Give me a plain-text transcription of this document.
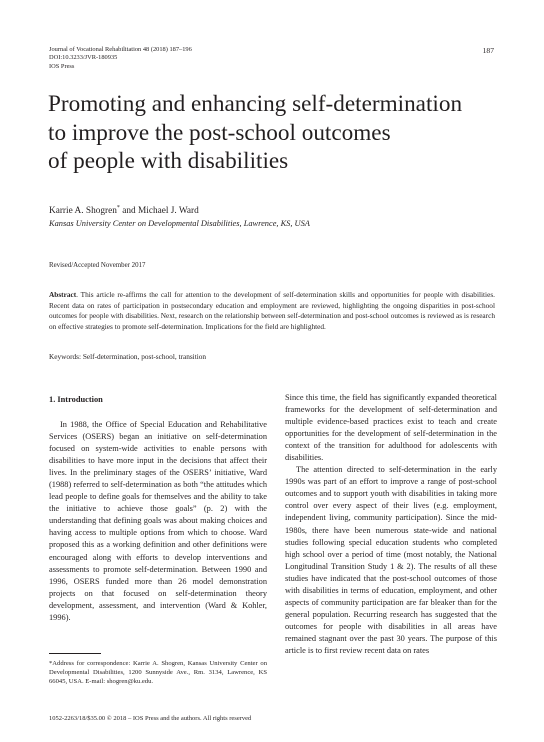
Journal of Vocational Rehabilitation 48 (2018) 187–196
DOI:10.3233/JVR-180935
IOS Press
187
Promoting and enhancing self-determination
to improve the post-school outcomes
of people with disabilities
Karrie A. Shogren* and Michael J. Ward
Kansas University Center on Developmental Disabilities, Lawrence, KS, USA
Revised/Accepted November 2017
Abstract. This article re-affirms the call for attention to the development of self-determination skills and opportunities for people with disabilities. Recent data on rates of participation in postsecondary education and employment are reviewed, highlighting the ongoing disparities in post-school outcomes for people with disabilities. Next, research on the relationship between self-determination and post-school outcomes is reviewed as is research on effective strategies to promote self-determination. Implications for the field are highlighted.
Keywords: Self-determination, post-school, transition
1. Introduction

In 1988, the Office of Special Education and Rehabilitative Services (OSERS) began an initiative on self-determination focused on system-wide activities to enable persons with disabilities to have more input in the decisions that affect their lives. In the preliminary stages of the OSERS’ initiative, Ward (1988) referred to self-determination as both “the attitudes which lead people to define goals for themselves and the ability to take the initiative to achieve those goals” (p. 2) with the understanding that defining goals was about making choices and having access to multiple options from which to choose. Ward proposed this as a working definition and other definitions were encouraged along with efforts to develop interventions and assessments to promote self-determination. Between 1990 and 1996, OSERS funded more than 26 model demonstration projects on that focused on self-determination theory development, assessment, and intervention (Ward & Kohler, 1996).

Since this time, the field has significantly expanded theoretical frameworks for the development of self-determination and multiple evidence-based practices exist to teach and create opportunities for the development of self-determination in the context of the transition for adulthood for adolescents with disabilities.

The attention directed to self-determination in the early 1990s was part of an effort to improve a range of post-school outcomes and to support youth with disabilities in taking more control over every aspect of their lives (e.g. employment, independent living, community participation). Since the mid-1980s, there have been numerous state-wide and national studies following special education students who completed high school over a period of time (most notably, the National Longitudinal Transition Study 1 & 2). The results of all these studies have indicated that the post-school outcomes of those with disabilities in terms of education, employment, and other aspects of community participation are far bleaker than for the general population. Recurring research has suggested that the outcomes for people with disabilities in all areas have remained stagnant over the past 30 years. The purpose of this article is to first review recent data on rates

*Address for correspondence: Karrie A. Shogren, Kansas University Center on Developmental Disabilities, 1200 Sunnyside Ave., Rm. 3134, Lawrence, KS 66045, USA. E-mail: shogren@ku.edu.
1052-2263/18/$35.00 © 2018 – IOS Press and the authors. All rights reserved
